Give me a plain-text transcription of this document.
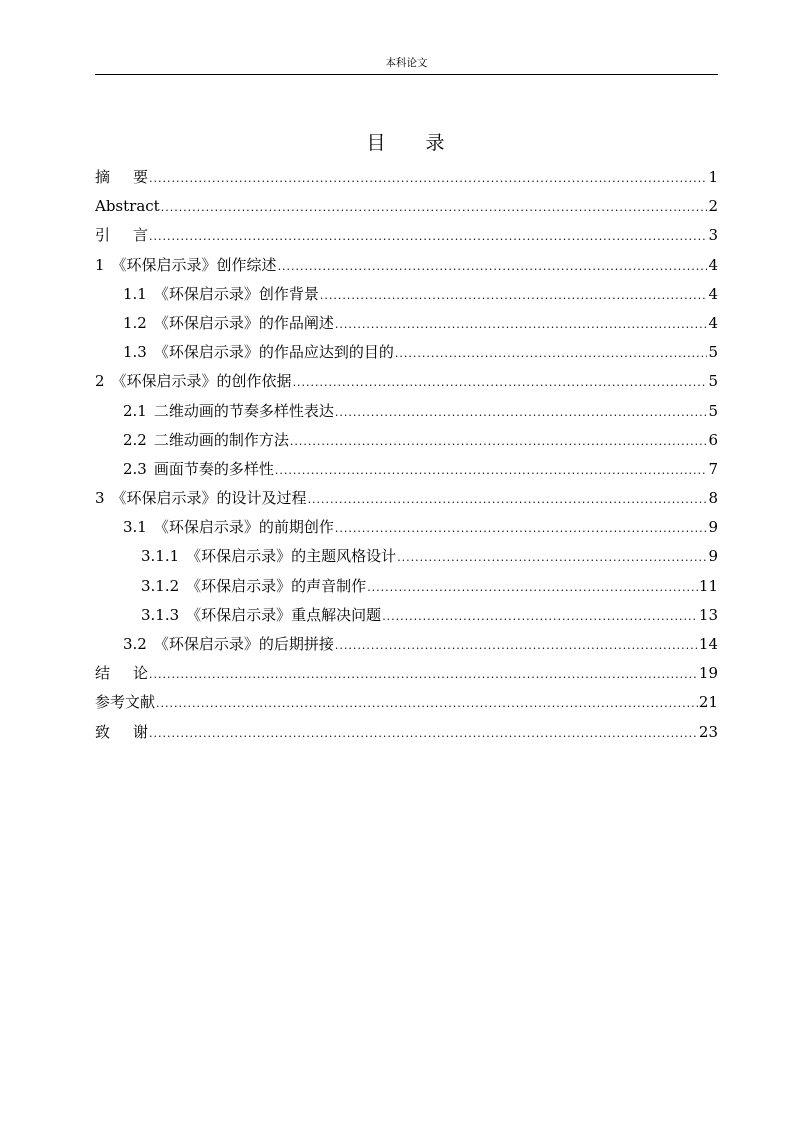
本科论文
目 录
摘要 .....	1
Abstract .....	2
引言 .....	3
1 《环保启示录》创作综述 .....	4
1.1 《环保启示录》创作背景 .....	4
1.2 《环保启示录》的作品阐述 .....	4
1.3 《环保启示录》的作品应达到的目的 .....	5
2 《环保启示录》的创作依据 .....	5
2.1 二维动画的节奏多样性表达 .....	5
2.2 二维动画的制作方法 .....	6
2.3 画面节奏的多样性 .....	7
3 《环保启示录》的设计及过程 .....	8
3.1 《环保启示录》的前期创作 .....	9
3.1.1 《环保启示录》的主题风格设计 .....	9
3.1.2 《环保启示录》的声音制作 .....	11
3.1.3 《环保启示录》重点解决问题 .....	13
3.2 《环保启示录》的后期拼接 .....	14
结论 .....	19
参考文献 .....	21
致谢 .....	23
